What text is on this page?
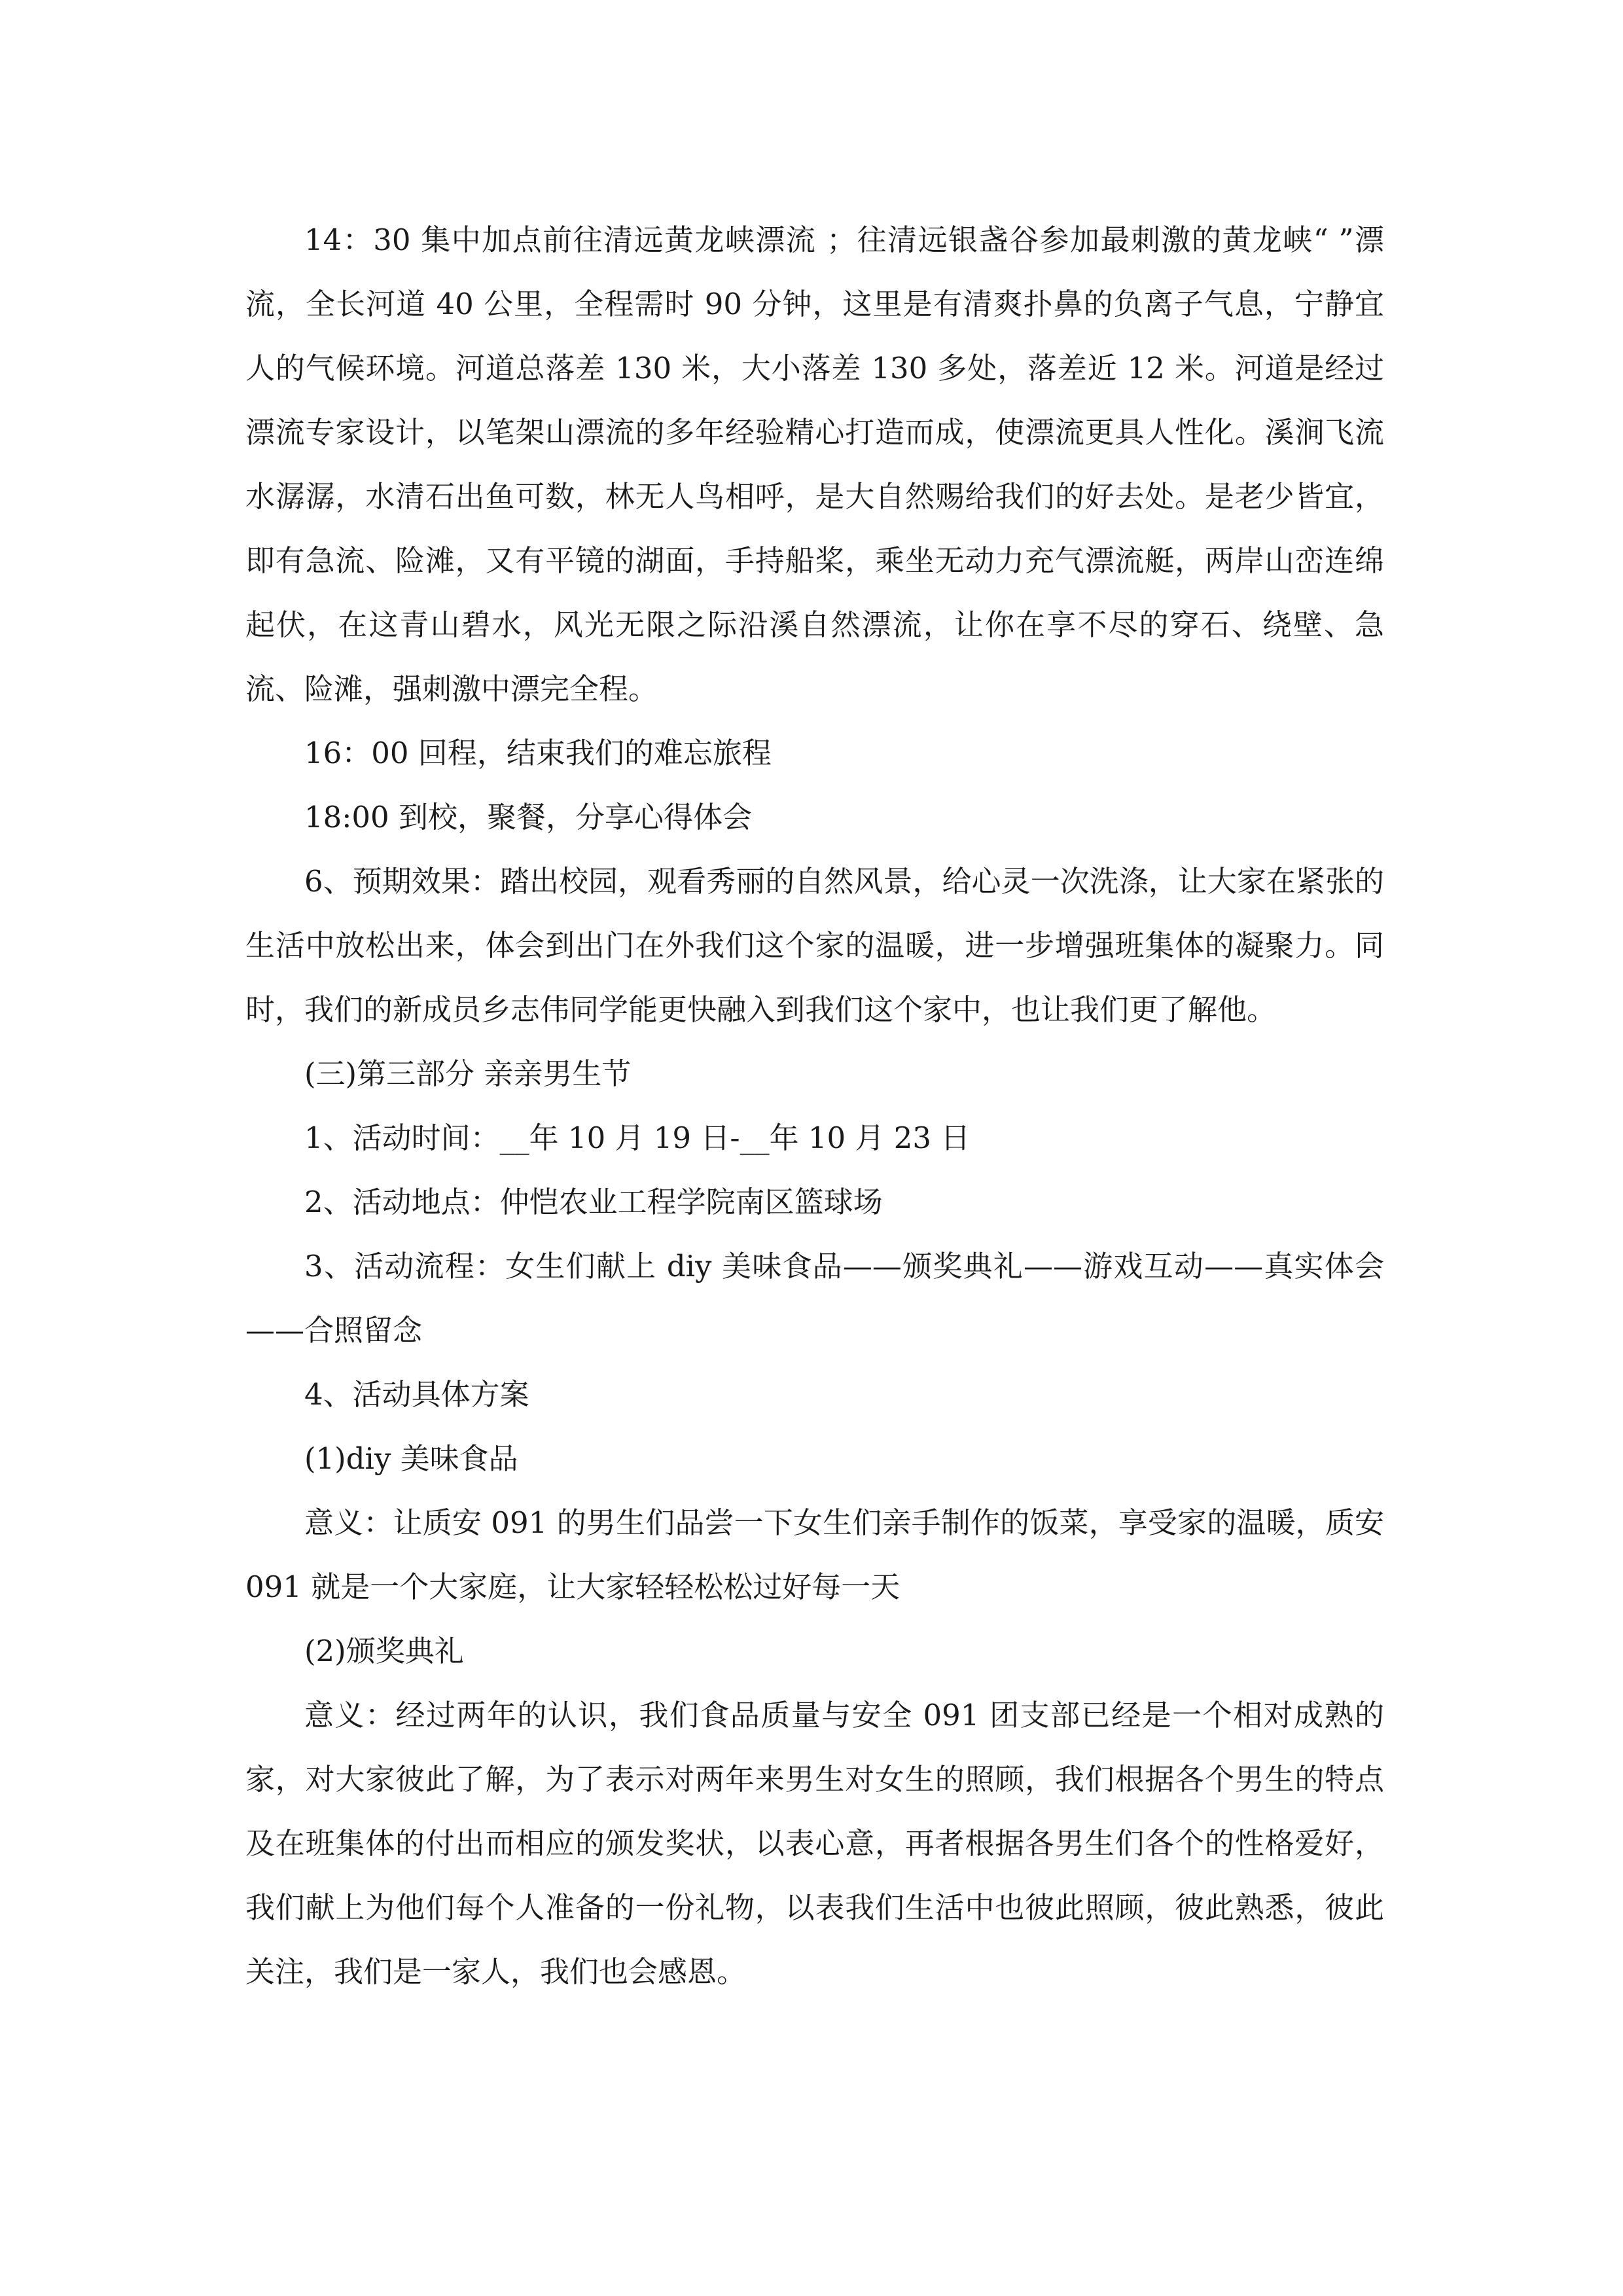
14：30 集中加点前往清远黄龙峡漂流 ；往清远银盏谷参加最刺激的黄龙峡“ ”漂流，全长河道 40 公里，全程需时 90 分钟，这里是有清爽扑鼻的负离子气息，宁静宜人的气候环境。河道总落差 130 米，大小落差 130 多处，落差近 12 米。河道是经过漂流专家设计，以笔架山漂流的多年经验精心打造而成，使漂流更具人性化。溪涧飞流水潺潺，水清石出鱼可数，林无人鸟相呼，是大自然赐给我们的好去处。是老少皆宜，即有急流、险滩，又有平镜的湖面，手持船桨，乘坐无动力充气漂流艇，两岸山峦连绵起伏，在这青山碧水，风光无限之际沿溪自然漂流，让你在享不尽的穿石、绕壁、急流、险滩，强刺激中漂完全程。

16：00 回程，结束我们的难忘旅程

18:00 到校，聚餐，分享心得体会

6、预期效果：踏出校园，观看秀丽的自然风景，给心灵一次洗涤，让大家在紧张的生活中放松出来，体会到出门在外我们这个家的温暖，进一步增强班集体的凝聚力。同时，我们的新成员乡志伟同学能更快融入到我们这个家中，也让我们更了解他。

(三)第三部分 亲亲男生节

1、活动时间：__年 10 月 19 日-__年 10 月 23 日

2、活动地点：仲恺农业工程学院南区篮球场

3、活动流程：女生们献上 diy 美味食品——颁奖典礼——游戏互动——真实体会——合照留念

4、活动具体方案

(1)diy 美味食品

意义：让质安 091 的男生们品尝一下女生们亲手制作的饭菜，享受家的温暖，质安 091 就是一个大家庭，让大家轻轻松松过好每一天

(2)颁奖典礼

意义：经过两年的认识，我们食品质量与安全 091 团支部已经是一个相对成熟的家，对大家彼此了解，为了表示对两年来男生对女生的照顾，我们根据各个男生的特点及在班集体的付出而相应的颁发奖状，以表心意，再者根据各男生们各个的性格爱好，我们献上为他们每个人准备的一份礼物，以表我们生活中也彼此照顾，彼此熟悉，彼此关注，我们是一家人，我们也会感恩。
